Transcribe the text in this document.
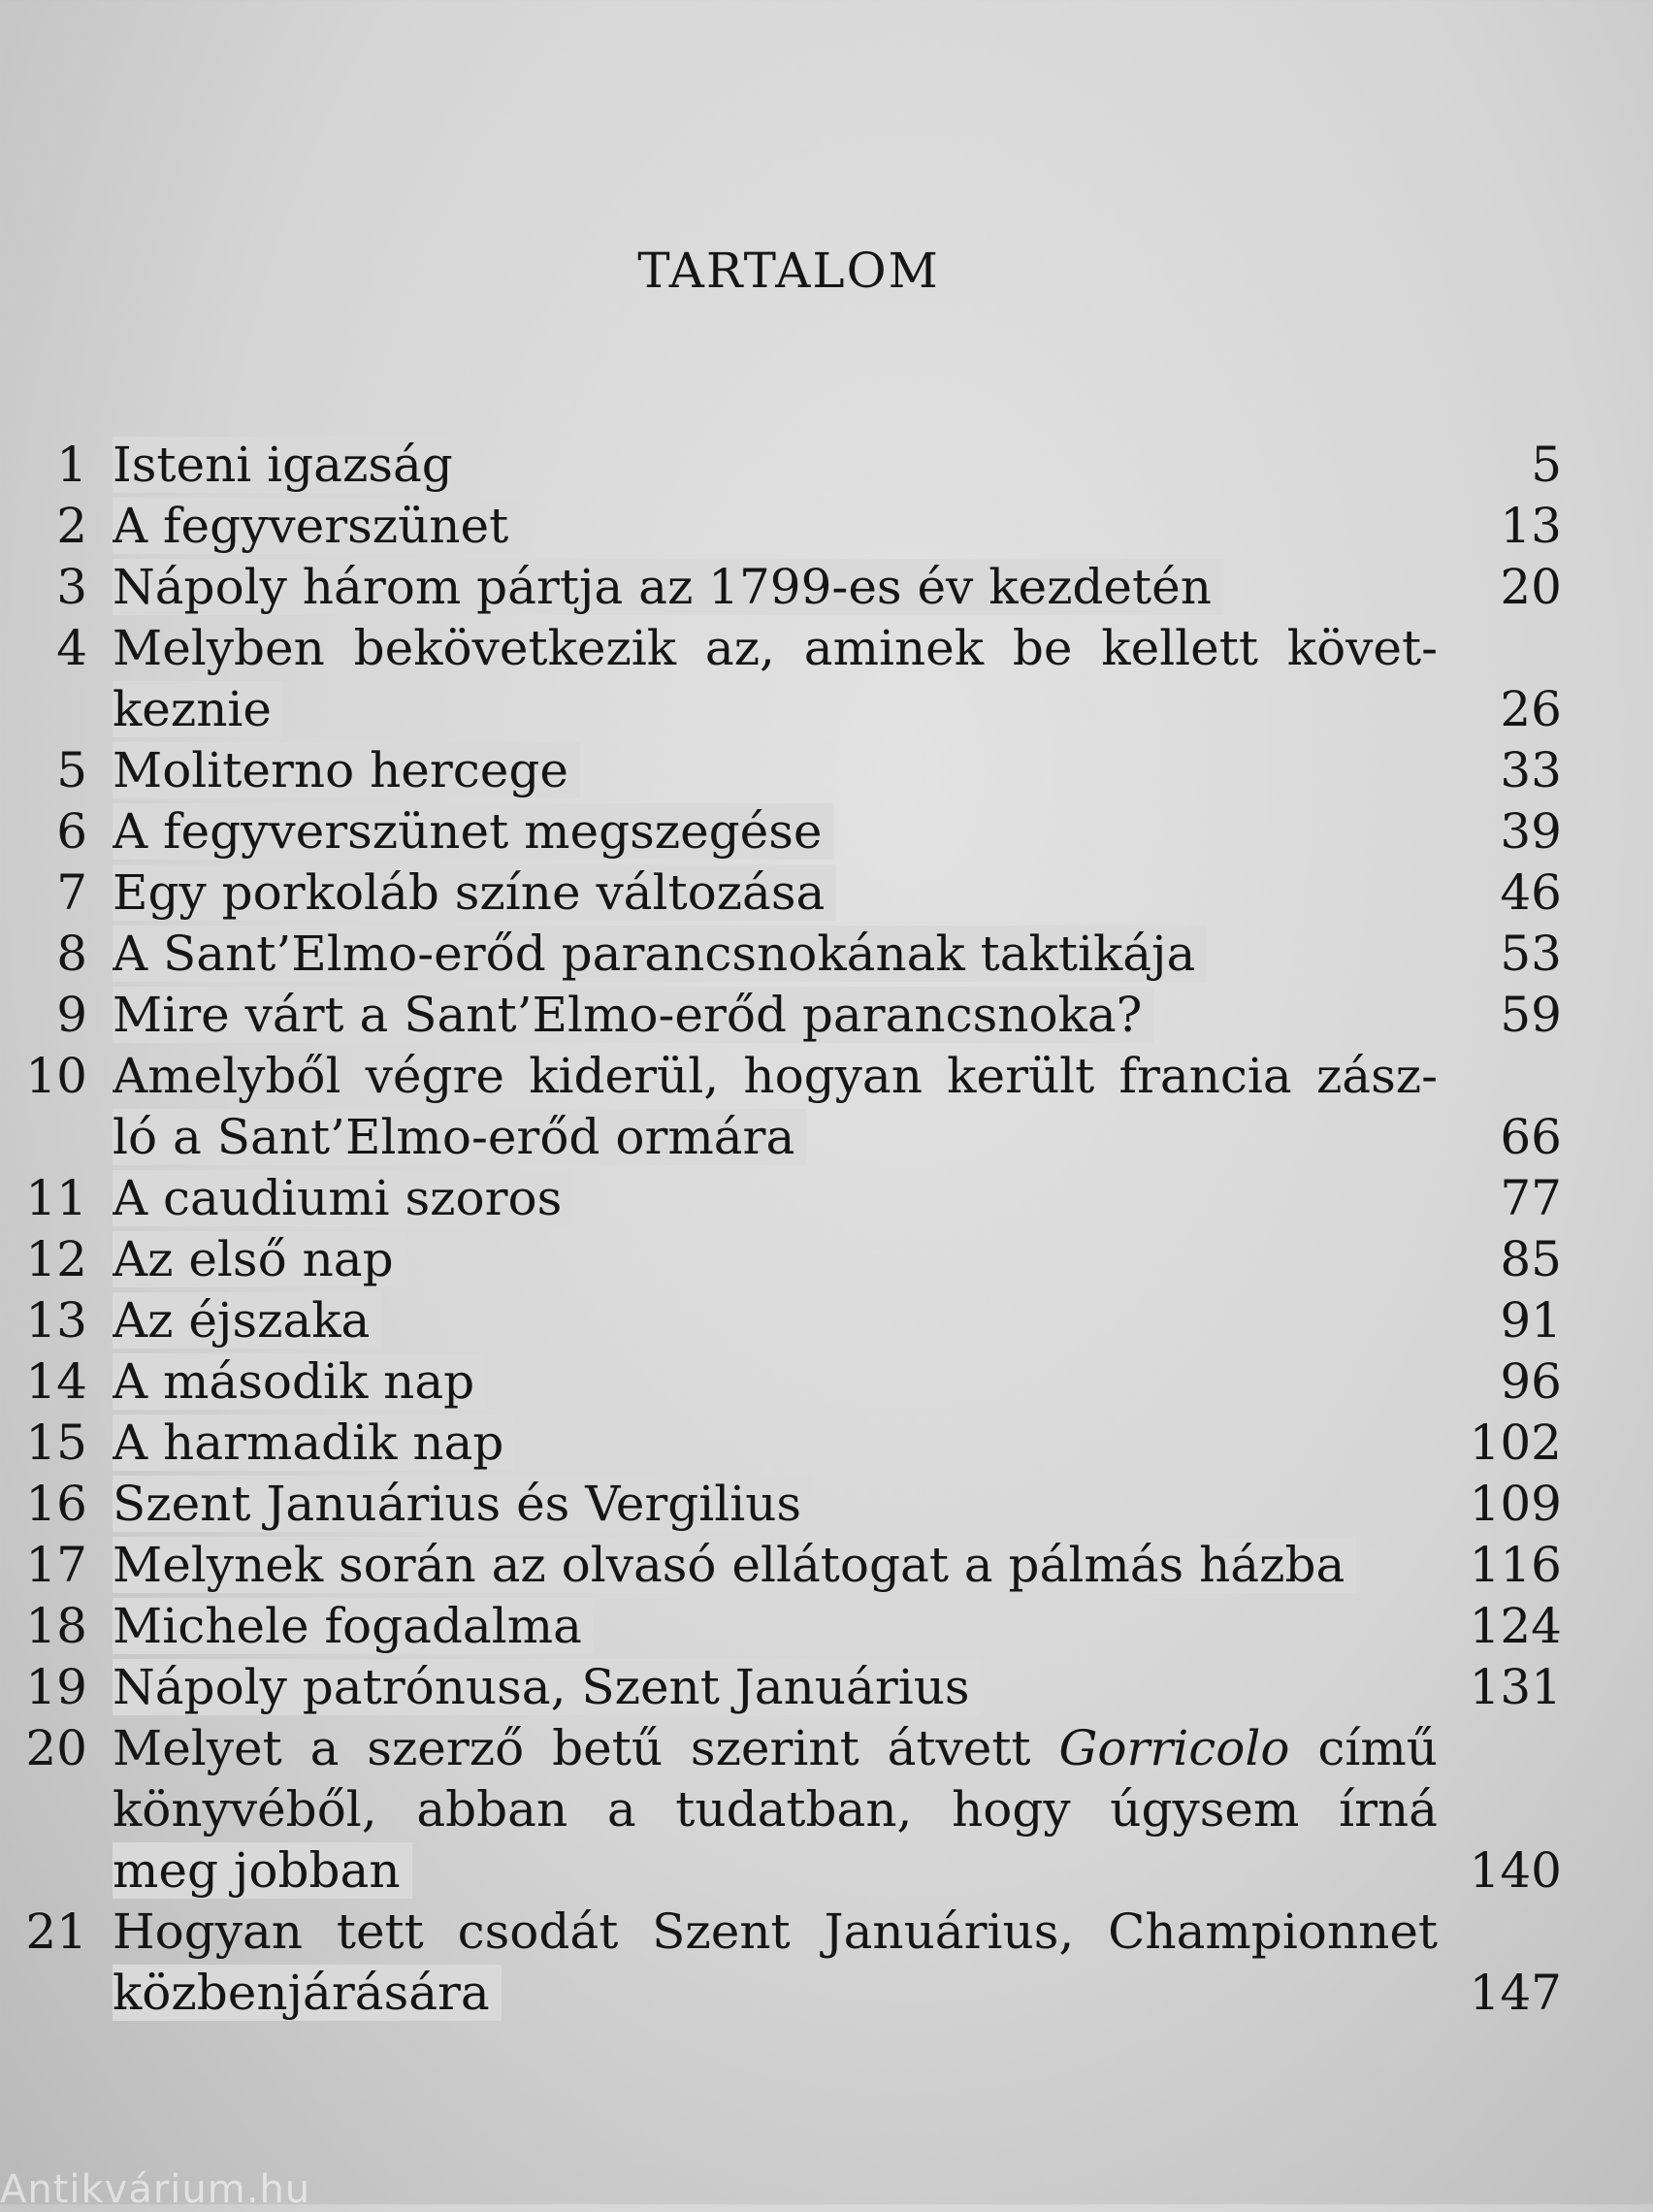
TARTALOM
1 Isteni igazság	5
2 A fegyverszünet	13
3 Nápoly három pártja az 1799-es év kezdetén	20
4 Melyben bekövetkezik az, aminek be kellett követ-
keznie	26
5 Moliterno hercege	33
6 A fegyverszünet megszegése	39
7 Egy porkoláb színe változása	46
8 A Sant’Elmo-erőd parancsnokának taktikája	53
9 Mire várt a Sant’Elmo-erőd parancsnoka?	59
10 Amelyből végre kiderül, hogyan került francia zász-
ló a Sant’Elmo-erőd ormára	66
11 A caudiumi szoros	77
12 Az első nap	85
13 Az éjszaka	91
14 A második nap	96
15 A harmadik nap	102
16 Szent Januárius és Vergilius	109
17 Melynek során az olvasó ellátogat a pálmás házba	116
18 Michele fogadalma	124
19 Nápoly patrónusa, Szent Januárius	131
20 Melyet a szerző betű szerint átvett Gorricolo című
könyvéből, abban a tudatban, hogy úgysem írná
meg jobban	140
21 Hogyan tett csodát Szent Januárius, Championnet
közbenjárására	147
Antikvárium.hu
